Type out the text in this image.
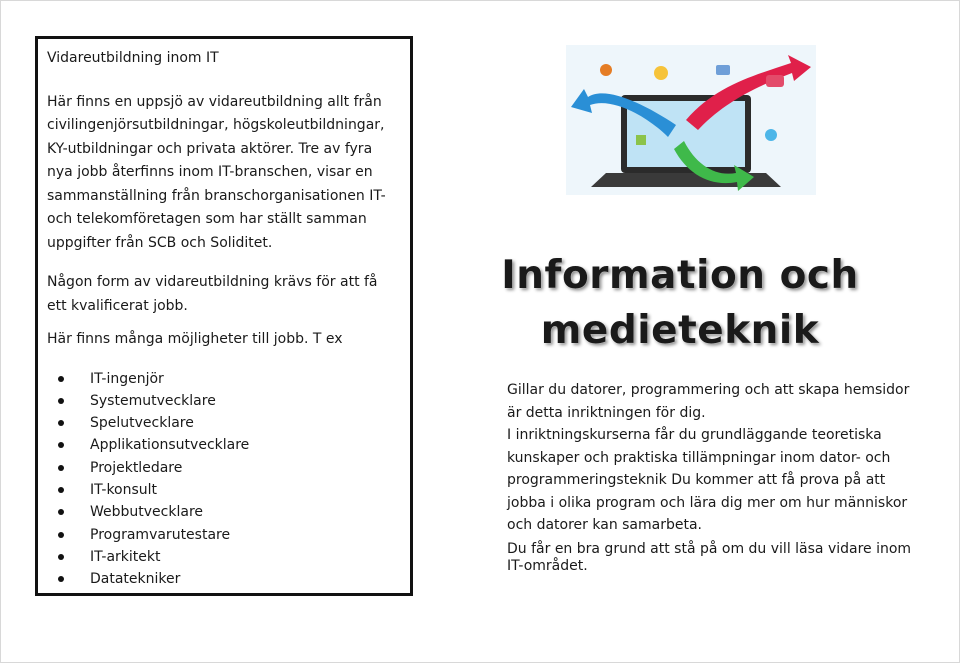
Vidareutbildning inom IT

Här finns en uppsjö av vidareutbildning allt från civilingenjörsutbildningar, högskoleutbildningar, KY-utbildningar och privata aktörer. Tre av fyra nya jobb återfinns inom IT-branschen, visar en sammanställning från branschorganisationen IT- och telekomföretagen som har ställt samman uppgifter från SCB och Soliditet.

Någon form av vidareutbildning krävs för att få ett kvalificerat jobb.

Här finns många möjligheter till jobb. T ex

IT-ingenjör
Systemutvecklare
Spelutvecklare
Applikationsutvecklare
Projektledare
IT-konsult
Webbutvecklare
Programvarutestare
IT-arkitekt
Datatekniker
Information och
medieteknik

Gillar du datorer, programmering och att skapa hemsidor är detta inriktningen för dig.

I inriktningskurserna får du grundläggande teoretiska kunskaper och praktiska tillämpningar inom dator- och programmeringsteknik Du kommer att få prova på att jobba i olika program och lära dig mer om hur människor och datorer kan samarbeta.

Du får en bra grund att stå på om du vill läsa vidare inom IT-området.
